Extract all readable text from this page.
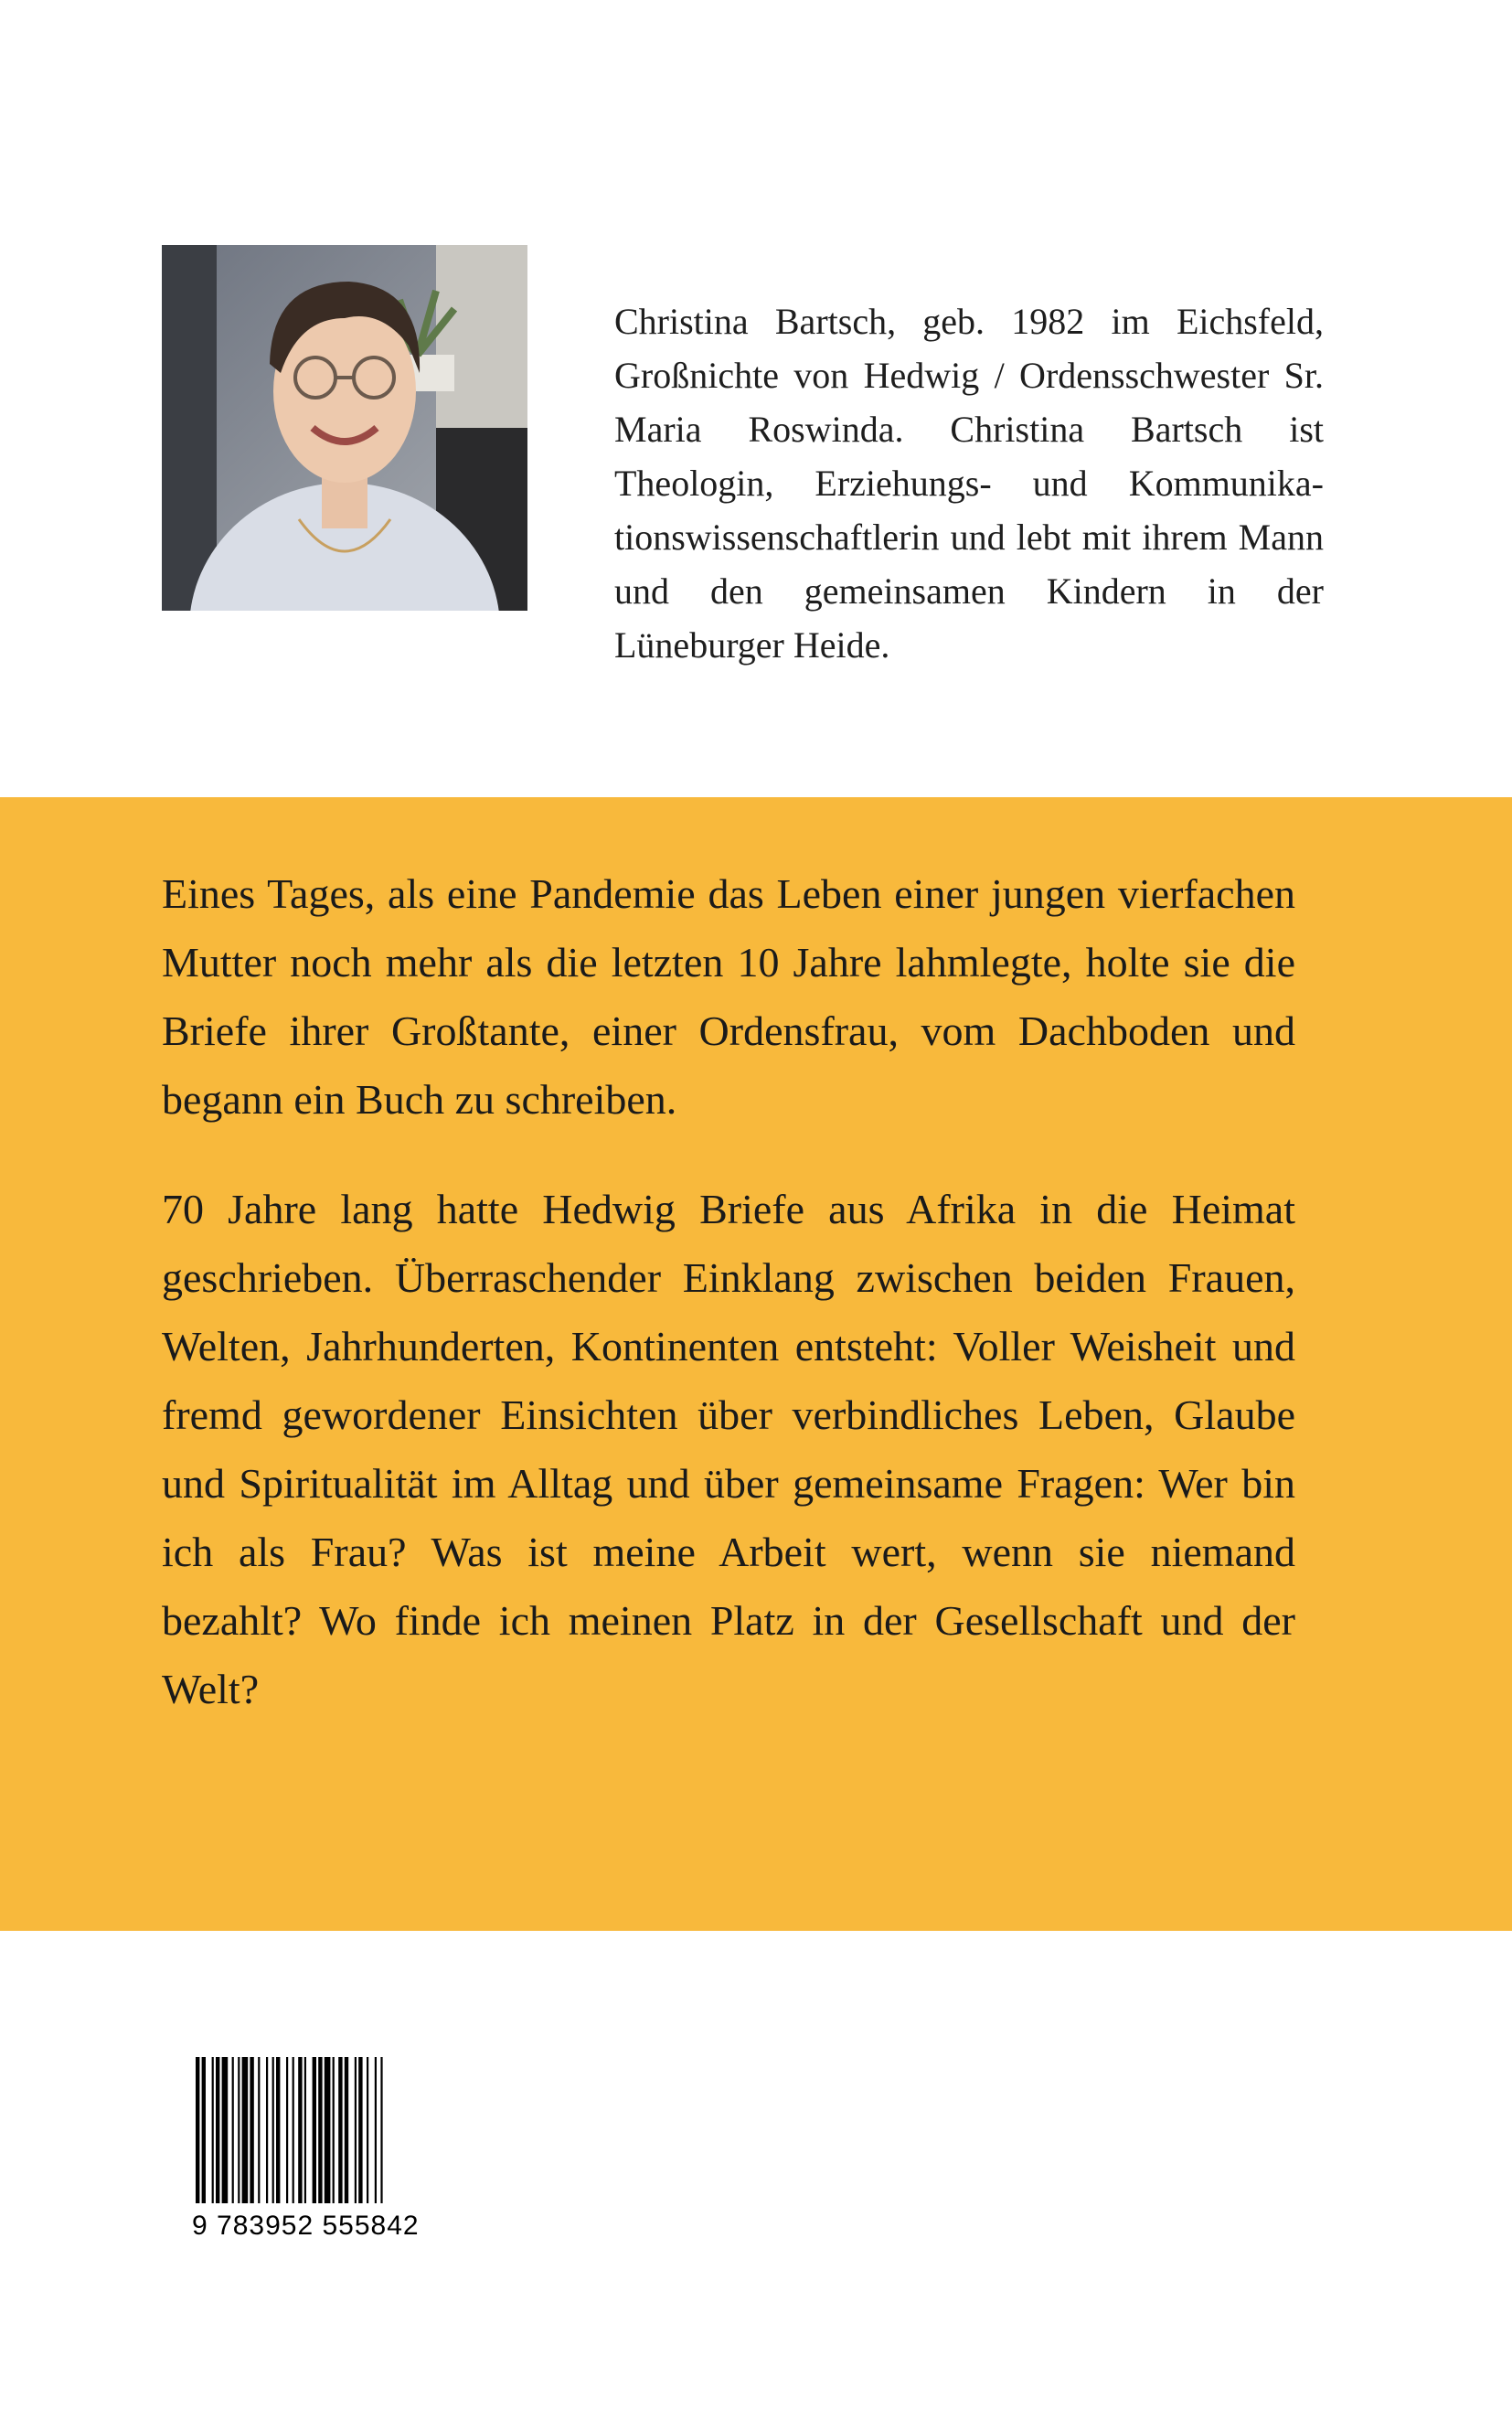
Christina Bartsch, geb. 1982 im Eichsfeld, Großnichte von Hedwig / Ordensschwester Sr. Maria Roswinda. Christina Bartsch ist Theologin, Erziehungs- und Kommunikationswissenschaftlerin und lebt mit ihrem Mann und den gemeinsamen Kindern in der Lüneburger Heide.

Eines Tages, als eine Pandemie das Leben einer jungen vierfachen Mutter noch mehr als die letzten 10 Jahre lahmlegte, holte sie die Briefe ihrer Großtante, einer Ordensfrau, vom Dachboden und begann ein Buch zu schreiben.

70 Jahre lang hatte Hedwig Briefe aus Afrika in die Heimat geschrieben. Überraschender Einklang zwischen beiden Frauen, Welten, Jahrhunderten, Kontinenten entsteht: Voller Weisheit und fremd gewordener Einsichten über verbindliches Leben, Glaube und Spiritualität im Alltag und über gemeinsame Fragen: Wer bin ich als Frau? Was ist meine Arbeit wert, wenn sie niemand bezahlt? Wo finde ich meinen Platz in der Gesellschaft und der Welt?

9 783952 555842
